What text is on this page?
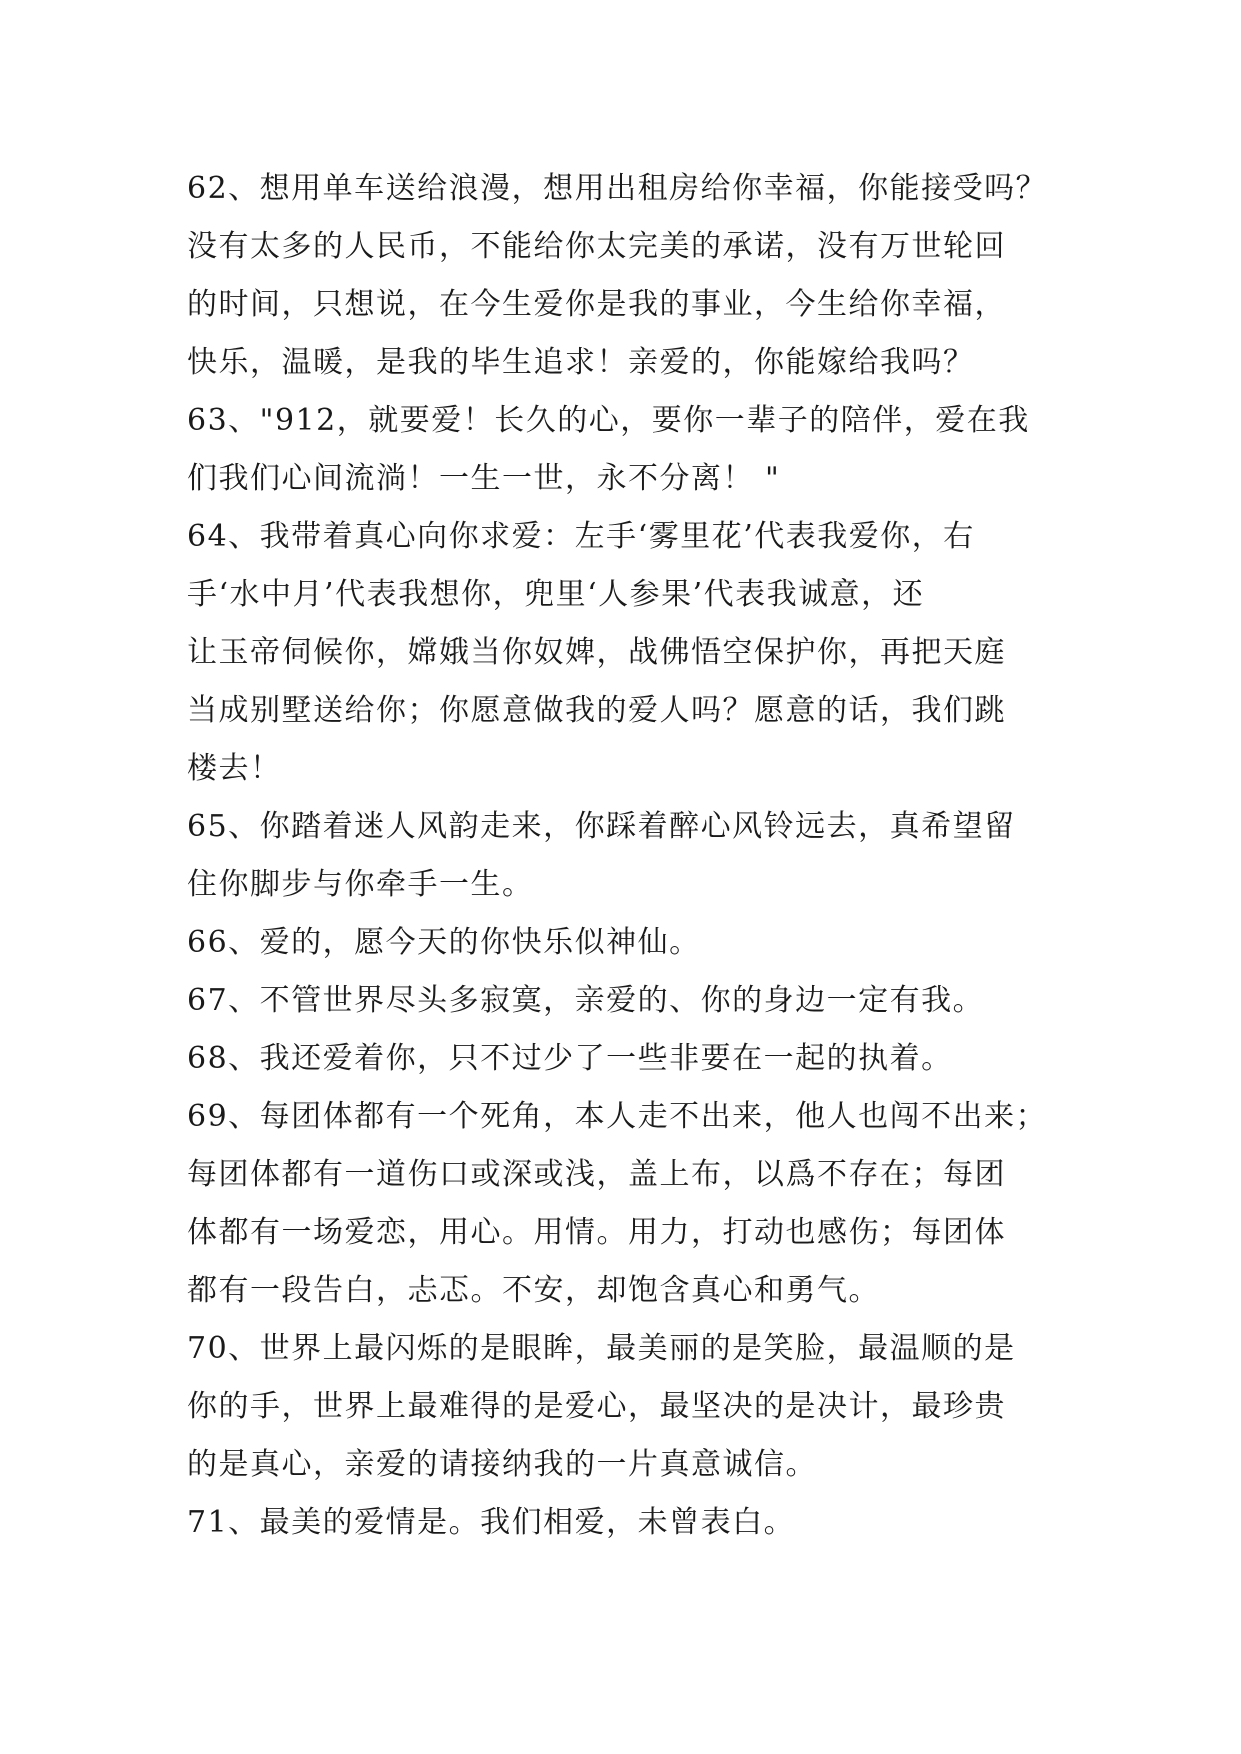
62、想用单车送给浪漫，想用出租房给你幸福，你能接受吗？
没有太多的人民币，不能给你太完美的承诺，没有万世轮回
的时间，只想说，在今生爱你是我的事业，今生给你幸福，
快乐，温暖，是我的毕生追求！亲爱的，你能嫁给我吗？
63、"912，就要爱！长久的心，要你一辈子的陪伴，爱在我
们我们心间流淌！一生一世，永不分离！ "
64、我带着真心向你求爱：左手‘雾里花’代表我爱你，右
手‘水中月’代表我想你，兜里‘人参果’代表我诚意，还
让玉帝伺候你，嫦娥当你奴婢，战佛悟空保护你，再把天庭
当成别墅送给你；你愿意做我的爱人吗？愿意的话，我们跳
楼去！
65、你踏着迷人风韵走来，你踩着醉心风铃远去，真希望留
住你脚步与你牵手一生。
66、爱的，愿今天的你快乐似神仙。
67、不管世界尽头多寂寞，亲爱的、你的身边一定有我。
68、我还爱着你，只不过少了一些非要在一起的执着。
69、每团体都有一个死角，本人走不出来，他人也闯不出来；
每团体都有一道伤口或深或浅，盖上布，以爲不存在；每团
体都有一场爱恋，用心。用情。用力，打动也感伤；每团体
都有一段告白，忐忑。不安，却饱含真心和勇气。
70、世界上最闪烁的是眼眸，最美丽的是笑脸，最温顺的是
你的手，世界上最难得的是爱心，最坚决的是决计，最珍贵
的是真心，亲爱的请接纳我的一片真意诚信。
71、最美的爱情是。我们相爱，未曾表白。
